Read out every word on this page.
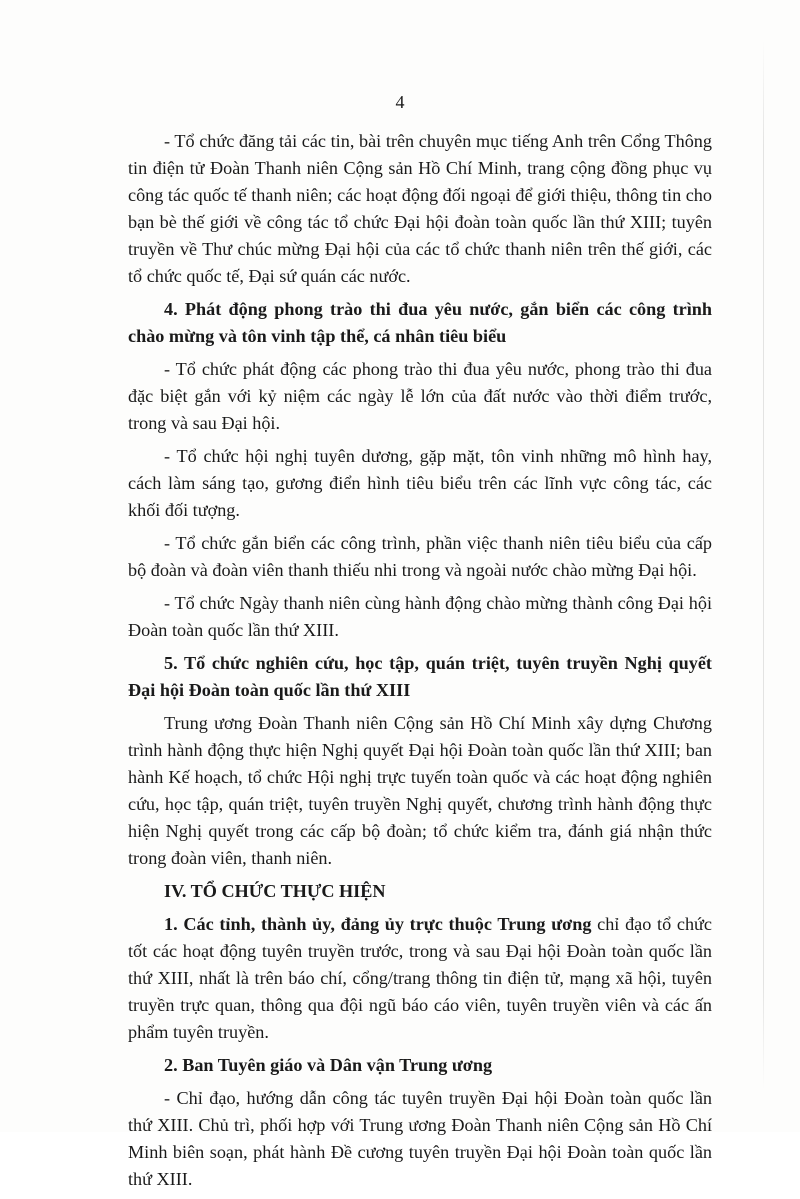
4

- Tổ chức đăng tải các tin, bài trên chuyên mục tiếng Anh trên Cổng Thông tin điện tử Đoàn Thanh niên Cộng sản Hồ Chí Minh, trang cộng đồng phục vụ công tác quốc tế thanh niên; các hoạt động đối ngoại để giới thiệu, thông tin cho bạn bè thế giới về công tác tổ chức Đại hội đoàn toàn quốc lần thứ XIII; tuyên truyền về Thư chúc mừng Đại hội của các tổ chức thanh niên trên thế giới, các tổ chức quốc tế, Đại sứ quán các nước.

4. Phát động phong trào thi đua yêu nước, gắn biển các công trình chào mừng và tôn vinh tập thể, cá nhân tiêu biểu

- Tổ chức phát động các phong trào thi đua yêu nước, phong trào thi đua đặc biệt gắn với kỷ niệm các ngày lễ lớn của đất nước vào thời điểm trước, trong và sau Đại hội.

- Tổ chức hội nghị tuyên dương, gặp mặt, tôn vinh những mô hình hay, cách làm sáng tạo, gương điển hình tiêu biểu trên các lĩnh vực công tác, các khối đối tượng.

- Tổ chức gắn biển các công trình, phần việc thanh niên tiêu biểu của cấp bộ đoàn và đoàn viên thanh thiếu nhi trong và ngoài nước chào mừng Đại hội.

- Tổ chức Ngày thanh niên cùng hành động chào mừng thành công Đại hội Đoàn toàn quốc lần thứ XIII.

5. Tổ chức nghiên cứu, học tập, quán triệt, tuyên truyền Nghị quyết Đại hội Đoàn toàn quốc lần thứ XIII

Trung ương Đoàn Thanh niên Cộng sản Hồ Chí Minh xây dựng Chương trình hành động thực hiện Nghị quyết Đại hội Đoàn toàn quốc lần thứ XIII; ban hành Kế hoạch, tổ chức Hội nghị trực tuyến toàn quốc và các hoạt động nghiên cứu, học tập, quán triệt, tuyên truyền Nghị quyết, chương trình hành động thực hiện Nghị quyết trong các cấp bộ đoàn; tổ chức kiểm tra, đánh giá nhận thức trong đoàn viên, thanh niên.

IV. TỔ CHỨC THỰC HIỆN

1. Các tỉnh, thành ủy, đảng ủy trực thuộc Trung ương chỉ đạo tổ chức tốt các hoạt động tuyên truyền trước, trong và sau Đại hội Đoàn toàn quốc lần thứ XIII, nhất là trên báo chí, cổng/trang thông tin điện tử, mạng xã hội, tuyên truyền trực quan, thông qua đội ngũ báo cáo viên, tuyên truyền viên và các ấn phẩm tuyên truyền.

2. Ban Tuyên giáo và Dân vận Trung ương

- Chỉ đạo, hướng dẫn công tác tuyên truyền Đại hội Đoàn toàn quốc lần thứ XIII. Chủ trì, phối hợp với Trung ương Đoàn Thanh niên Cộng sản Hồ Chí Minh biên soạn, phát hành Đề cương tuyên truyền Đại hội Đoàn toàn quốc lần thứ XIII.
